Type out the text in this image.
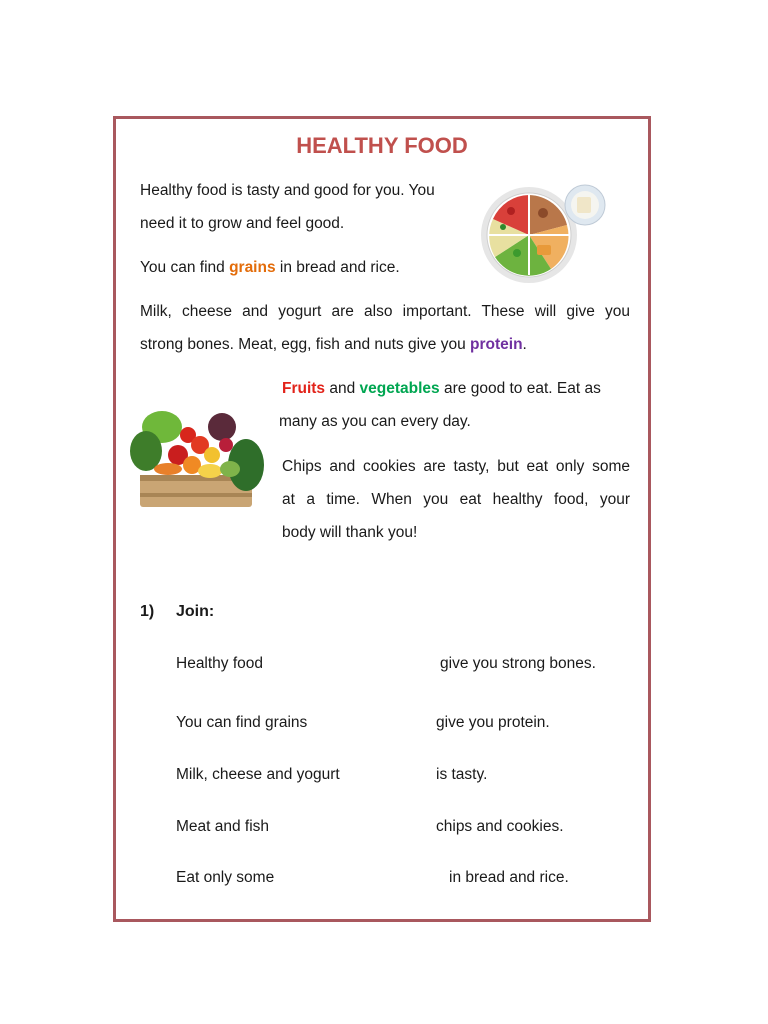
HEALTHY FOOD
Healthy food is tasty and good for you. You
need it to grow and feel good.
You can find grains in bread and rice.
Milk, cheese and yogurt are also important. These will give you
strong bones. Meat, egg, fish and nuts give you protein.
Fruits and vegetables are good to eat. Eat as
many as you can every day.
Chips and cookies are tasty, but eat only some
at a time. When you eat healthy food, your
body will thank you!
1) Join:
Healthy food
You can find grains
Milk, cheese and yogurt
Meat and fish
Eat only some
give you strong bones.
give you protein.
is tasty.
chips and cookies.
in bread and rice.
